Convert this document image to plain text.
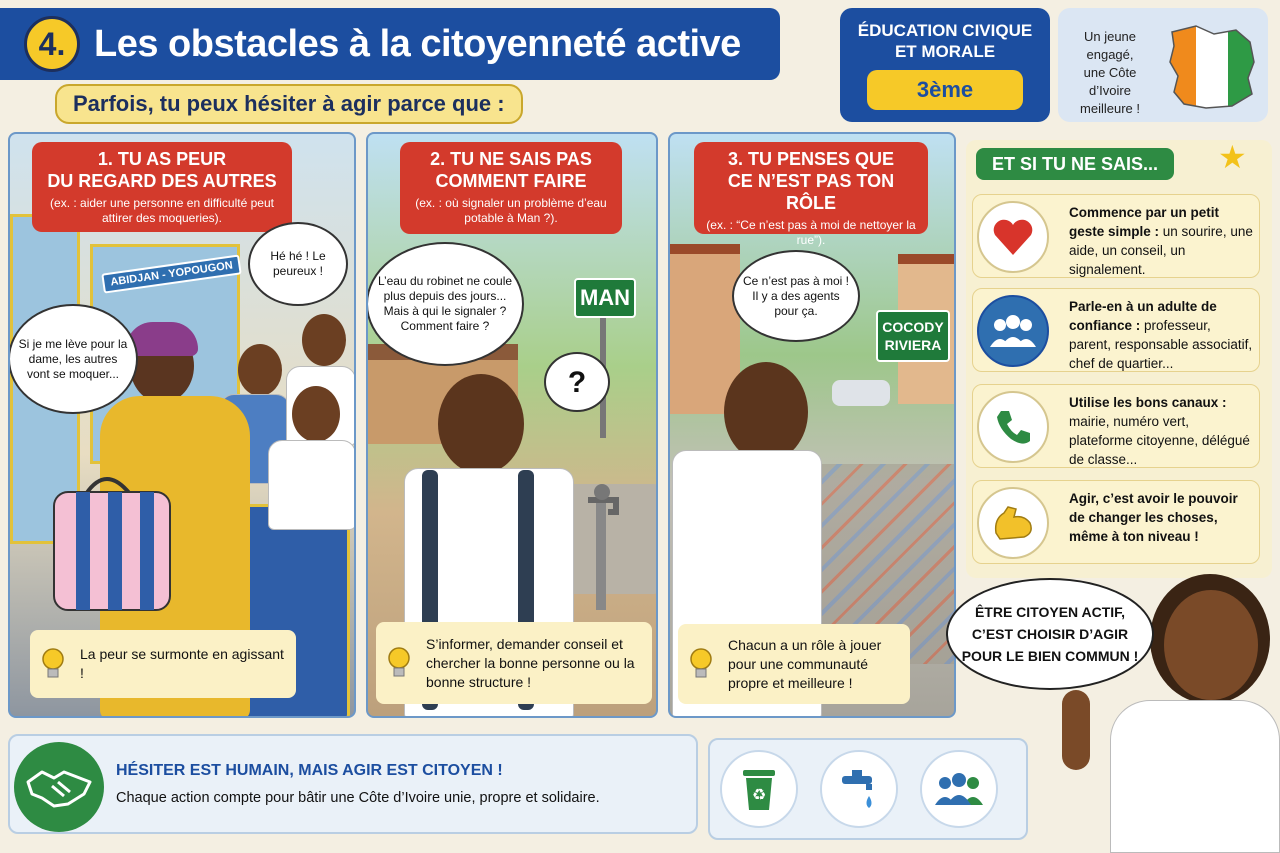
4. Les obstacles à la citoyenneté active
Parfois, tu peux hésiter à agir parce que :
ÉDUCATION CIVIQUE
ET MORALE
3ème
Un jeune
engagé,
une Côte
d’Ivoire
meilleure !
ABIDJAN - YOPOUGON
1. TU AS PEUR
DU REGARD DES AUTRES
(ex. : aider une personne en difficulté peut attirer des moqueries).
Si je me lève pour la dame, les autres vont se moquer...
Hé hé ! Le peureux !
La peur se surmonte en agissant !
MAN
2. TU NE SAIS PAS
COMMENT FAIRE
(ex. : où signaler un problème d’eau potable à Man ?).
L’eau du robinet ne coule plus depuis des jours... Mais à qui le signaler ? Comment faire ?
?
S’informer, demander conseil et chercher la bonne personne ou la bonne structure !
COCODY
RIVIERA
3. TU PENSES QUE
CE N’EST PAS TON RÔLE
(ex. : “Ce n’est pas à moi de nettoyer la rue”).
Ce n’est pas à moi ! Il y a des agents pour ça.
Chacun a un rôle à jouer pour une communauté propre et meilleure !
ET SI TU NE SAIS...	★
Commence par un petit geste simple : un sourire, une aide, un conseil, un signalement.
Parle-en à un adulte de confiance : professeur, parent, responsable associatif, chef de quartier...
Utilise les bons canaux : mairie, numéro vert, plateforme citoyenne, délégué de classe...
Agir, c’est avoir le pouvoir de changer les choses, même à ton niveau !
ÊTRE CITOYEN ACTIF,
C’EST CHOISIR D’AGIR
POUR LE BIEN COMMUN !
HÉSITER EST HUMAIN, MAIS AGIR EST CITOYEN !
Chaque action compte pour bâtir une Côte d’Ivoire unie, propre et solidaire.	♻
